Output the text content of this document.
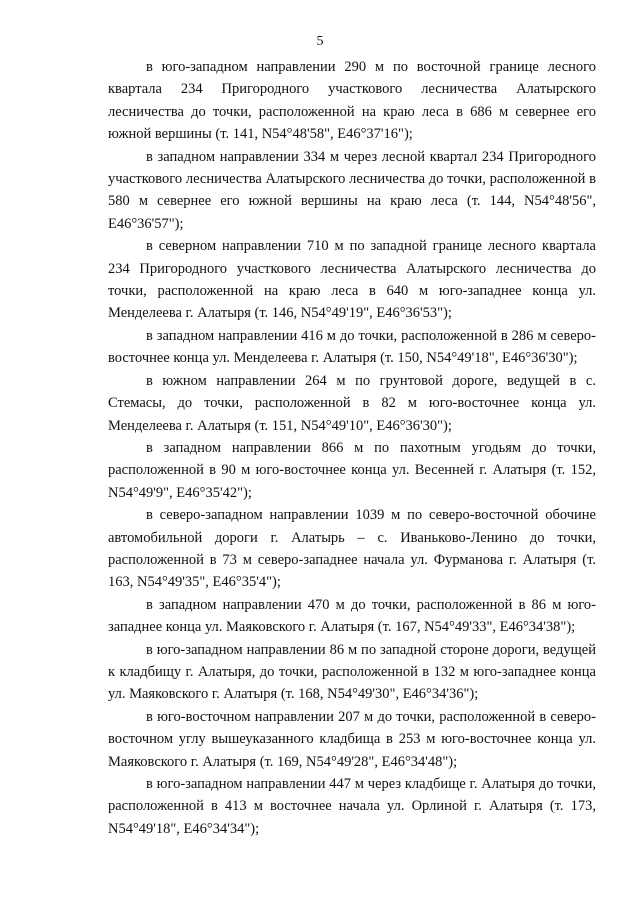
5

в юго-западном направлении 290 м по восточной границе лесного квартала 234 Пригородного участкового лесничества Алатырского лесничества до точки, расположенной на краю леса в 686 м севернее его южной вершины (т. 141, N54°48'58", E46°37'16");

в западном направлении 334 м через лесной квартал 234 Пригородного участкового лесничества Алатырского лесничества до точки, расположенной в 580 м севернее его южной вершины на краю леса (т. 144, N54°48'56", E46°36'57");

в северном направлении 710 м по западной границе лесного квартала 234 Пригородного участкового лесничества Алатырского лесничества до точки, расположенной на краю леса в 640 м юго-западнее конца ул. Менделеева г. Алатыря (т. 146, N54°49'19", E46°36'53");

в западном направлении 416 м до точки, расположенной в 286 м северо-восточнее конца ул. Менделеева г. Алатыря (т. 150, N54°49'18", E46°36'30");

в южном направлении 264 м по грунтовой дороге, ведущей в с. Стемасы, до точки, расположенной в 82 м юго-восточнее конца ул. Менделеева г. Алатыря (т. 151, N54°49'10", E46°36'30");

в западном направлении 866 м по пахотным угодьям до точки, расположенной в 90 м юго-восточнее конца ул. Весенней г. Алатыря (т. 152, N54°49'9", E46°35'42");

в северо-западном направлении 1039 м по северо-восточной обочине автомобильной дороги г. Алатырь – с. Иваньково-Ленино до точки, расположенной в 73 м северо-западнее начала ул. Фурманова г. Алатыря (т. 163, N54°49'35", E46°35'4");

в западном направлении 470 м до точки, расположенной в 86 м юго-западнее конца ул. Маяковского г. Алатыря (т. 167, N54°49'33", E46°34'38");

в юго-западном направлении 86 м по западной стороне дороги, ведущей к кладбищу г. Алатыря, до точки, расположенной в 132 м юго-западнее конца ул. Маяковского г. Алатыря (т. 168, N54°49'30", E46°34'36");

в юго-восточном направлении 207 м до точки, расположенной в северо-восточном углу вышеуказанного кладбища в 253 м юго-восточнее конца ул. Маяковского г. Алатыря (т. 169, N54°49'28", E46°34'48");

в юго-западном направлении 447 м через кладбище г. Алатыря до точки, расположенной в 413 м восточнее начала ул. Орлиной г. Алатыря (т. 173, N54°49'18", E46°34'34");
